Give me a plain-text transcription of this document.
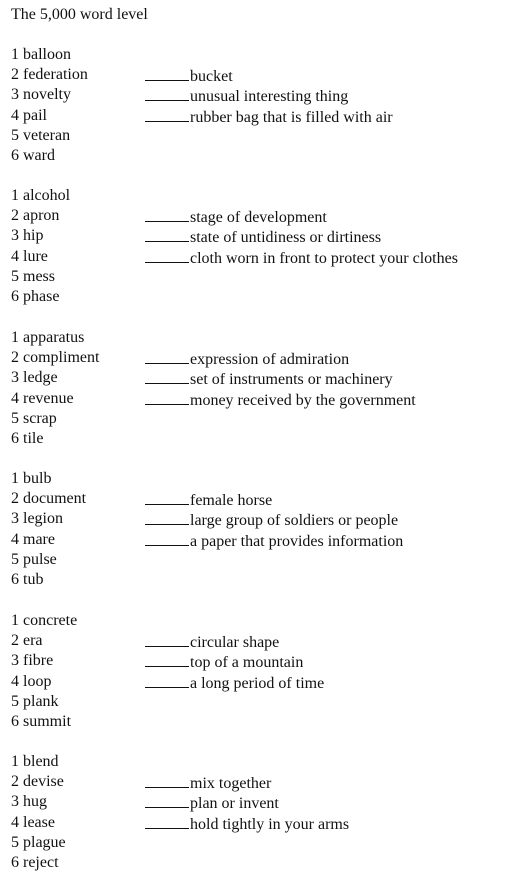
The 5,000 word level
1 balloon
2 federation
3 novelty
4 pail
5 veteran
6 ward
bucket
unusual interesting thing
rubber bag that is filled with air
1 alcohol
2 apron
3 hip
4 lure
5 mess
6 phase
stage of development
state of untidiness or dirtiness
cloth worn in front to protect your clothes
1 apparatus
2 compliment
3 ledge
4 revenue
5 scrap
6 tile
expression of admiration
set of instruments or machinery
money received by the government
1 bulb
2 document
3 legion
4 mare
5 pulse
6 tub
female horse
large group of soldiers or people
a paper that provides information
1 concrete
2 era
3 fibre
4 loop
5 plank
6 summit
circular shape
top of a mountain
a long period of time
1 blend
2 devise
3 hug
4 lease
5 plague
6 reject
mix together
plan or invent
hold tightly in your arms
